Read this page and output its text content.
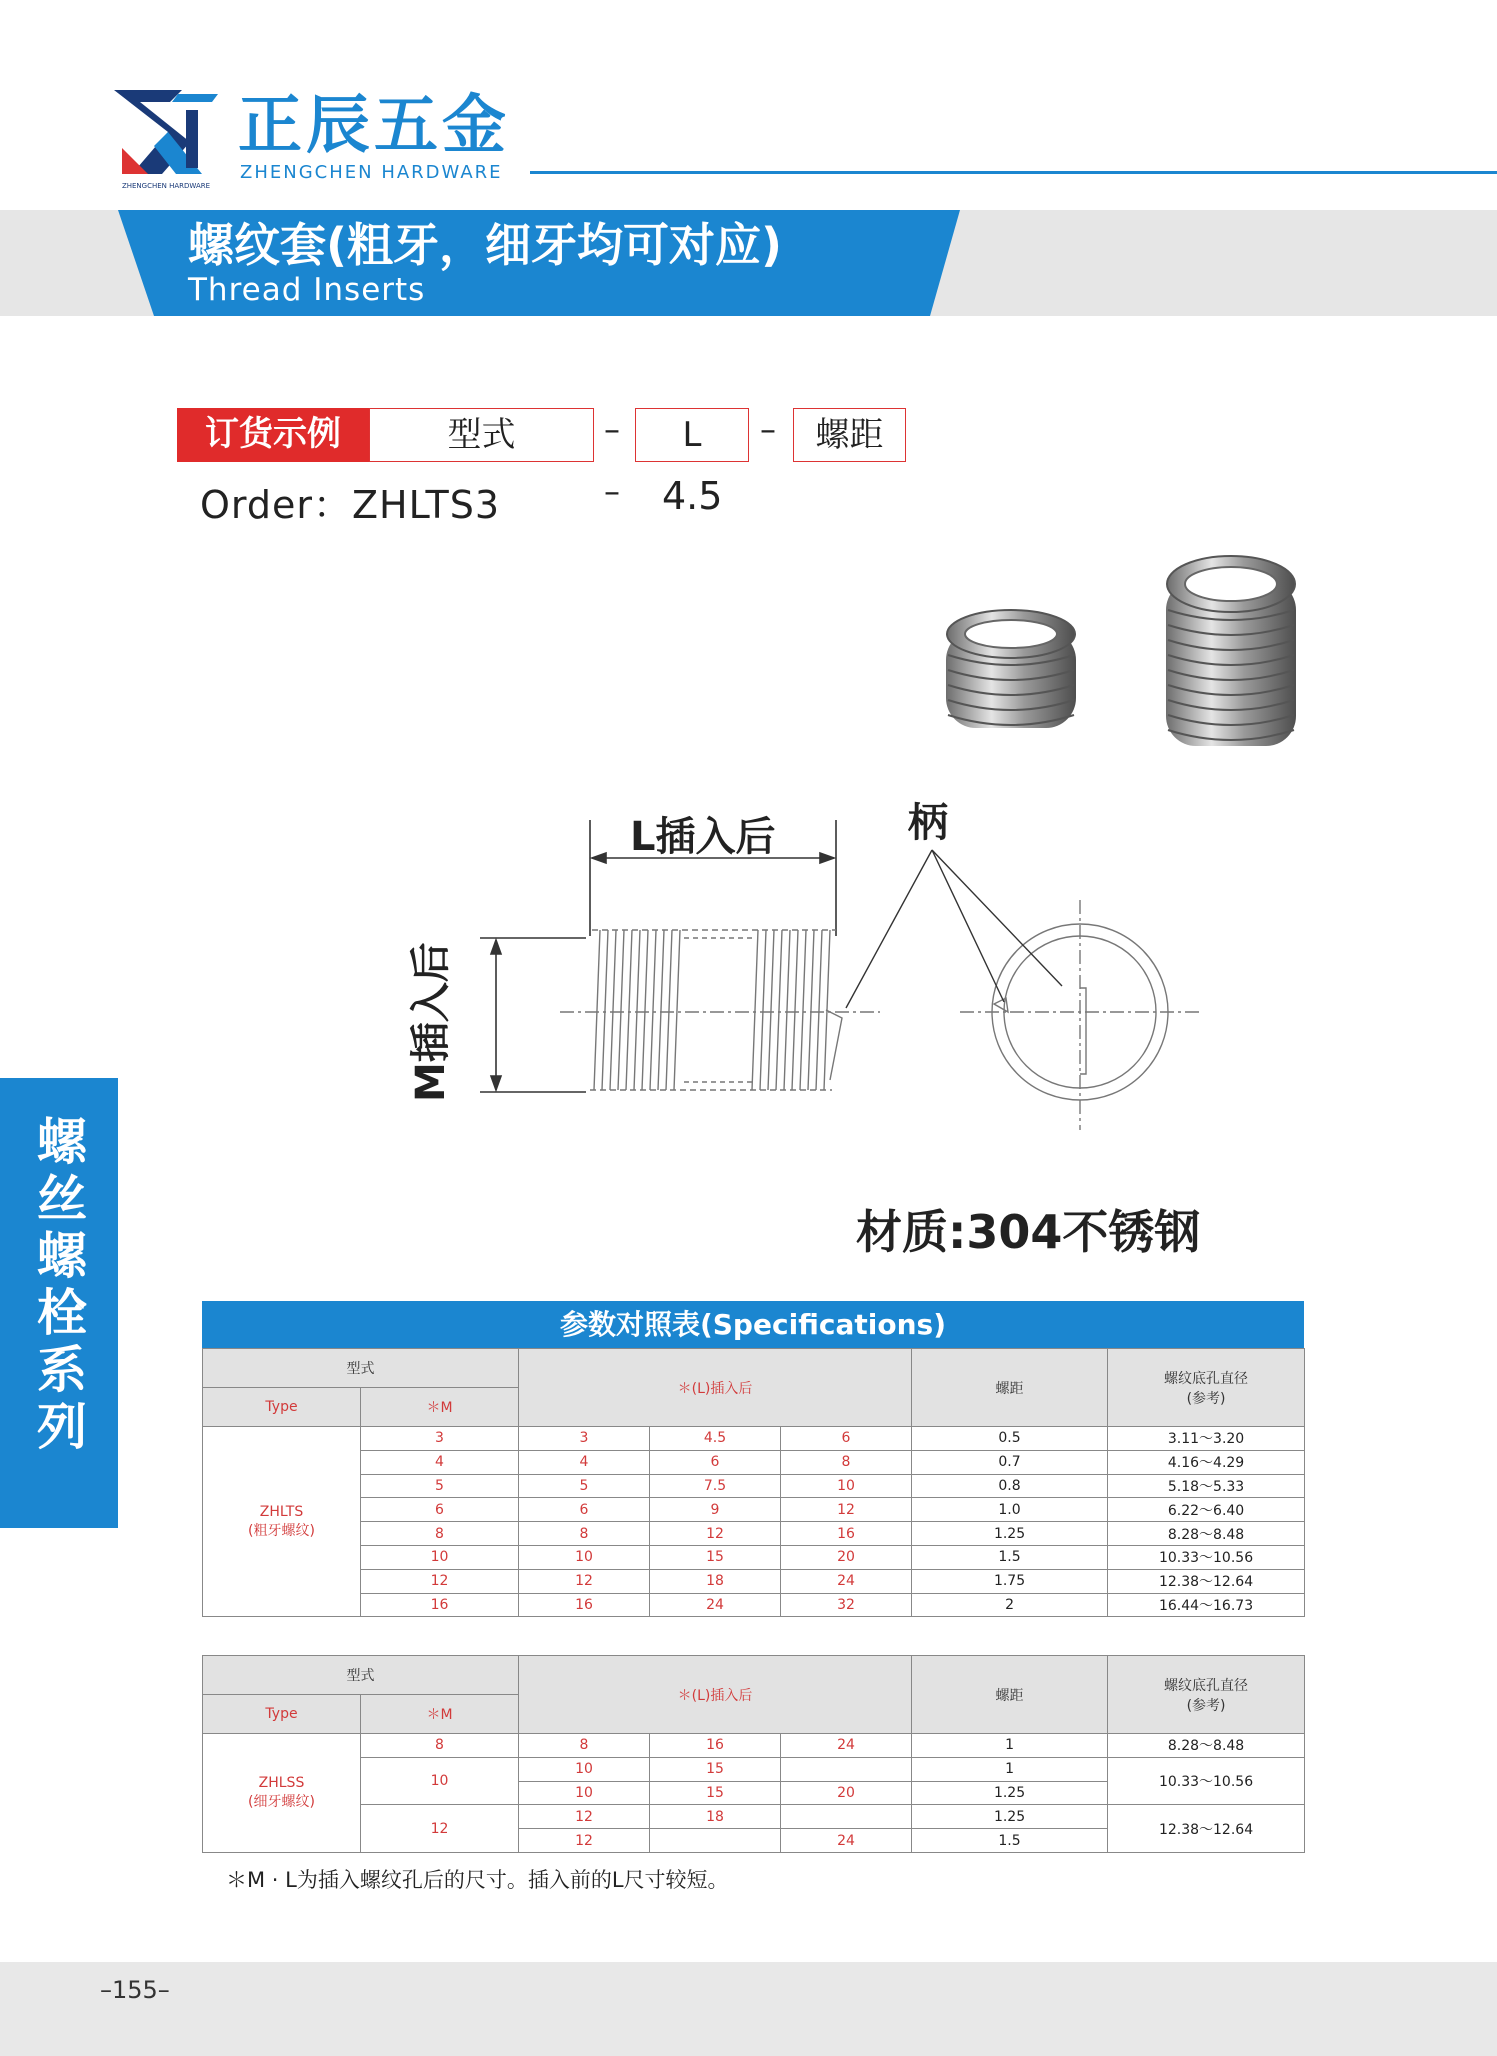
ZHENGCHEN HARDWARE
正辰五金
ZHENGCHEN HARDWARE
螺纹套(粗牙，细牙均可对应)
Thread Inserts
订货示例	型式	–	L	–	螺距
Order：ZHLTS3	– 4.5
L插入后	柄
M插入后
材质:304不锈钢
螺丝螺栓系列
参数对照表(Specifications)
型式		＊(L)插入后			螺距	螺纹底孔直径
(参考)
Type	＊M					
ZHLTS
(粗牙螺纹)	3	3	4.5	6	0.5	3.11～3.20
	4	4	6	8	0.7	4.16～4.29
	5	5	7.5	10	0.8	5.18～5.33
	6	6	9	12	1.0	6.22～6.40
	8	8	12	16	1.25	8.28～8.48
	10	10	15	20	1.5	10.33～10.56
	12	12	18	24	1.75	12.38～12.64
	16	16	24	32	2	16.44～16.73
型式		＊(L)插入后			螺距	螺纹底孔直径
(参考)
Type	＊M					
ZHLSS
(细牙螺纹)	8	8	16	24	1	8.28～8.48
	10	10	15		1	10.33～10.56
		10	15	20	1.25	
	12	12	18		1.25	12.38～12.64
		12		24	1.5	
＊M · L为插入螺纹孔后的尺寸。插入前的L尺寸较短。
–155–
